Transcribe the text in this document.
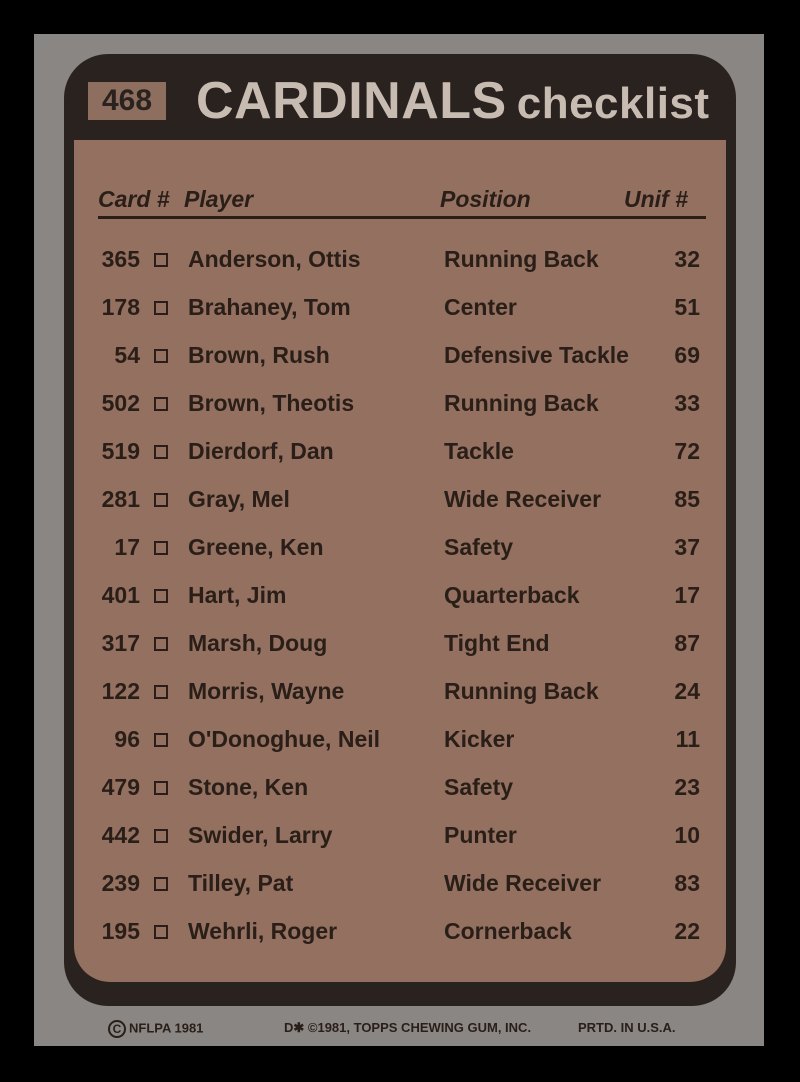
468 CARDINALS checklist
Card # Player	Position	Unif #
365 Anderson, Ottis	Running Back	32
178 Brahaney, Tom	Center	51
54 Brown, Rush	Defensive Tackle	69
502 Brown, Theotis	Running Back	33
519 Dierdorf, Dan	Tackle	72
281 Gray, Mel	Wide Receiver	85
17 Greene, Ken	Safety	37
401 Hart, Jim	Quarterback	17
317 Marsh, Doug	Tight End	87
122 Morris, Wayne	Running Back	24
96 O'Donoghue, Neil	Kicker	11
479 Stone, Ken	Safety	23
442 Swider, Larry	Punter	10
239 Tilley, Pat	Wide Receiver	83
195 Wehrli, Roger	Cornerback	22
C NFLPA 1981	D✱ ©1981, TOPPS CHEWING GUM, INC.	PRTD. IN U.S.A.
